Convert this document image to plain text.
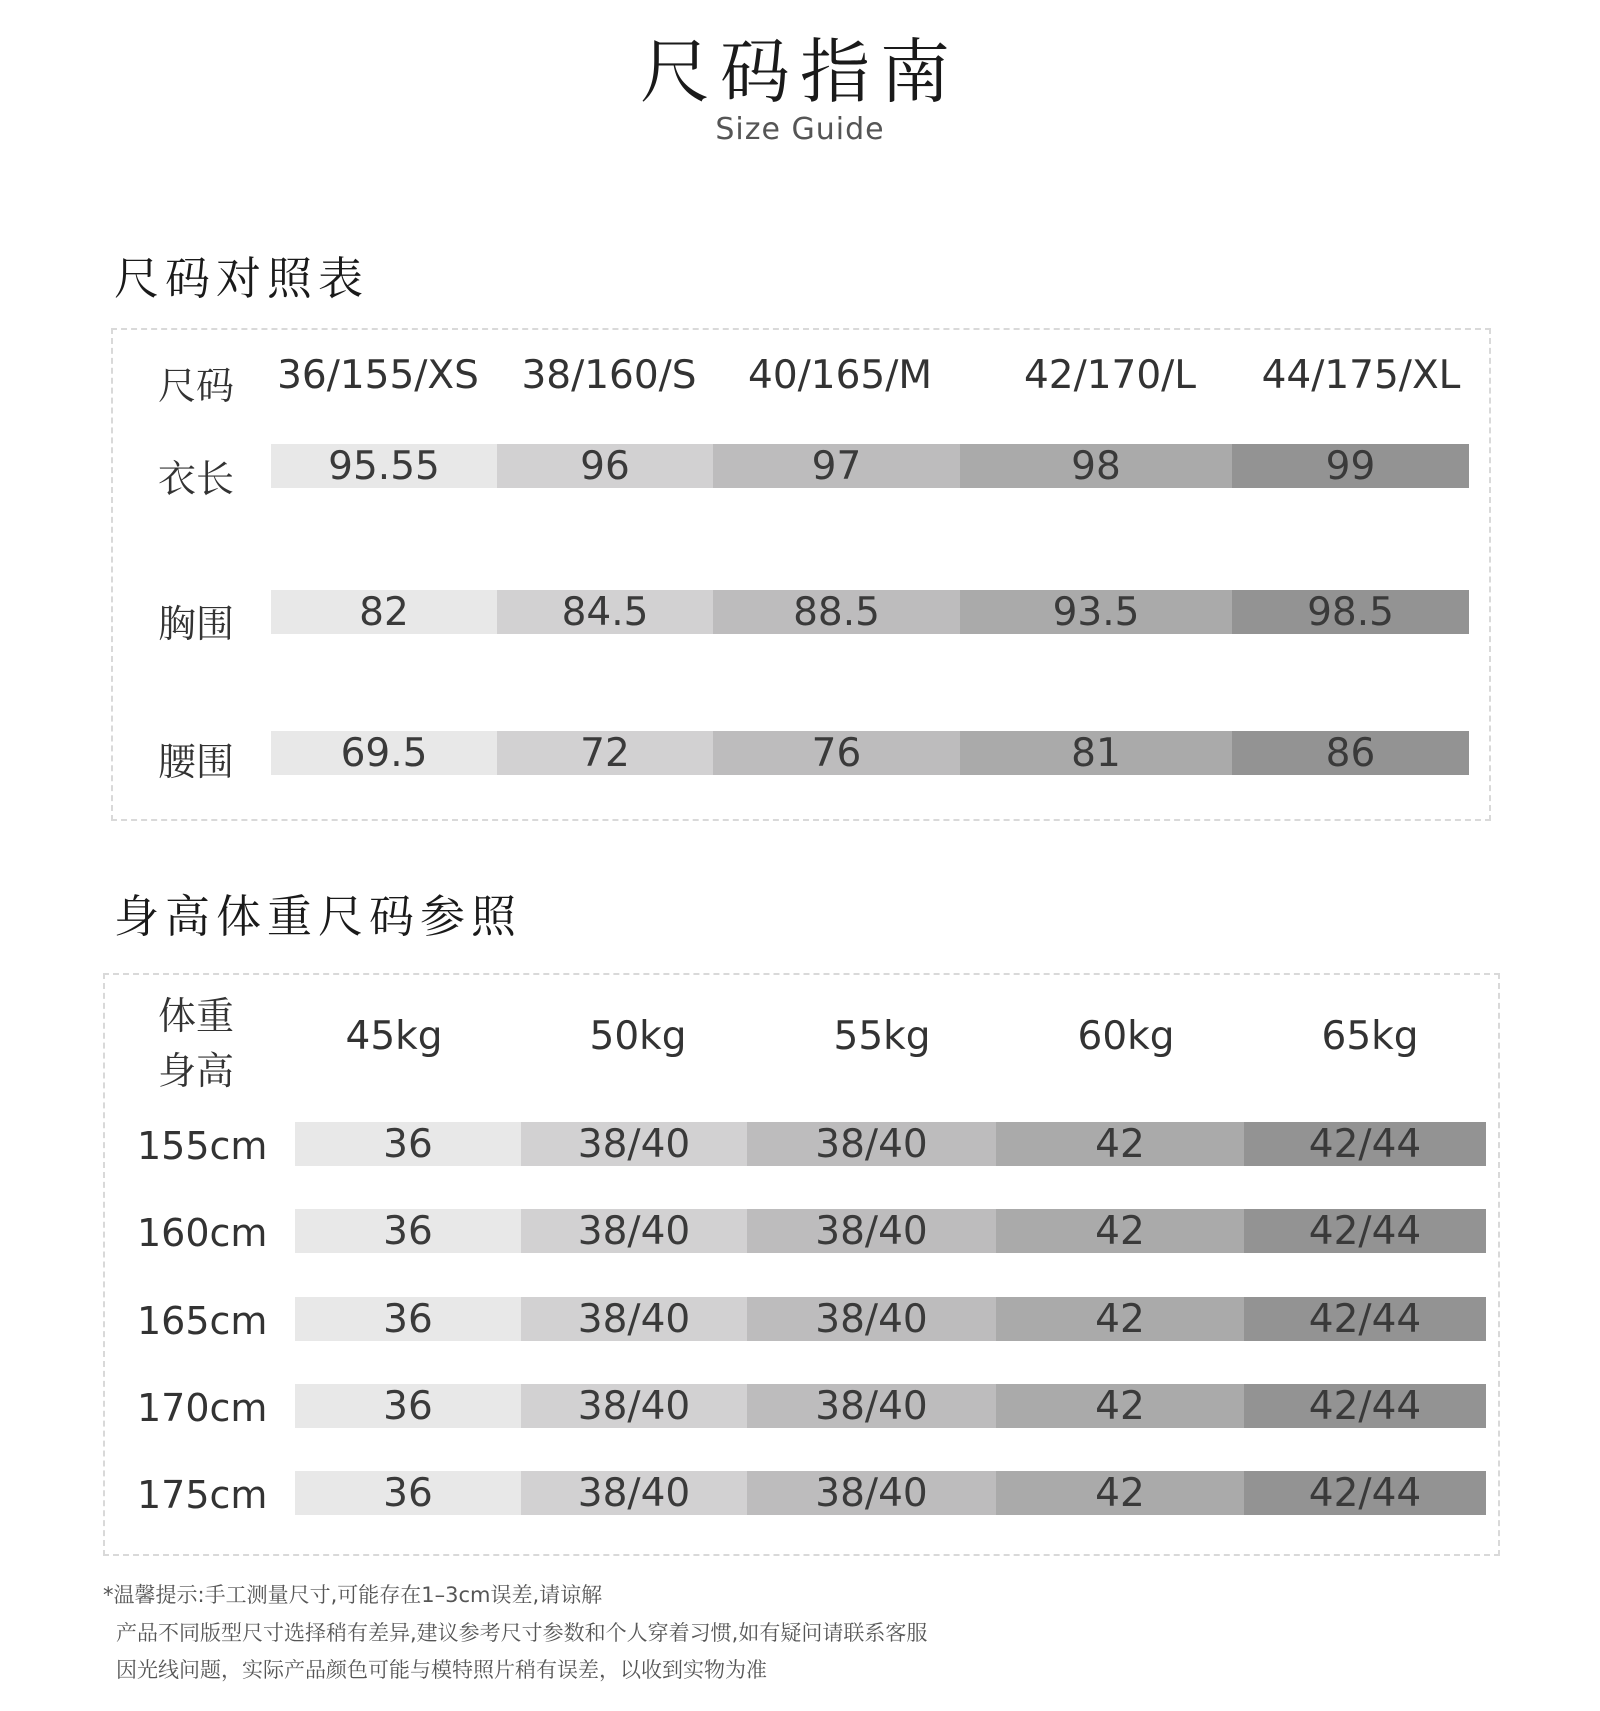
尺码指南
Size Guide
尺码对照表
尺码	36/155/XS	38/160/S	40/165/M	42/170/L	44/175/XL
衣长	95.55	96	97	98	99
胸围	82	84.5	88.5	93.5	98.5
腰围	69.5	72	76	81	86
身高体重尺码参照
体重
身高
45kg	50kg	55kg	60kg	65kg
155cm	36	38/40	38/40	42	42/44
160cm	36	38/40	38/40	42	42/44
165cm	36	38/40	38/40	42	42/44
170cm	36	38/40	38/40	42	42/44
175cm	36	38/40	38/40	42	42/44
*温馨提示:手工测量尺寸,可能存在1–3cm误差,请谅解
产品不同版型尺寸选择稍有差异,建议参考尺寸参数和个人穿着习惯,如有疑问请联系客服
因光线问题，实际产品颜色可能与模特照片稍有误差，以收到实物为准
